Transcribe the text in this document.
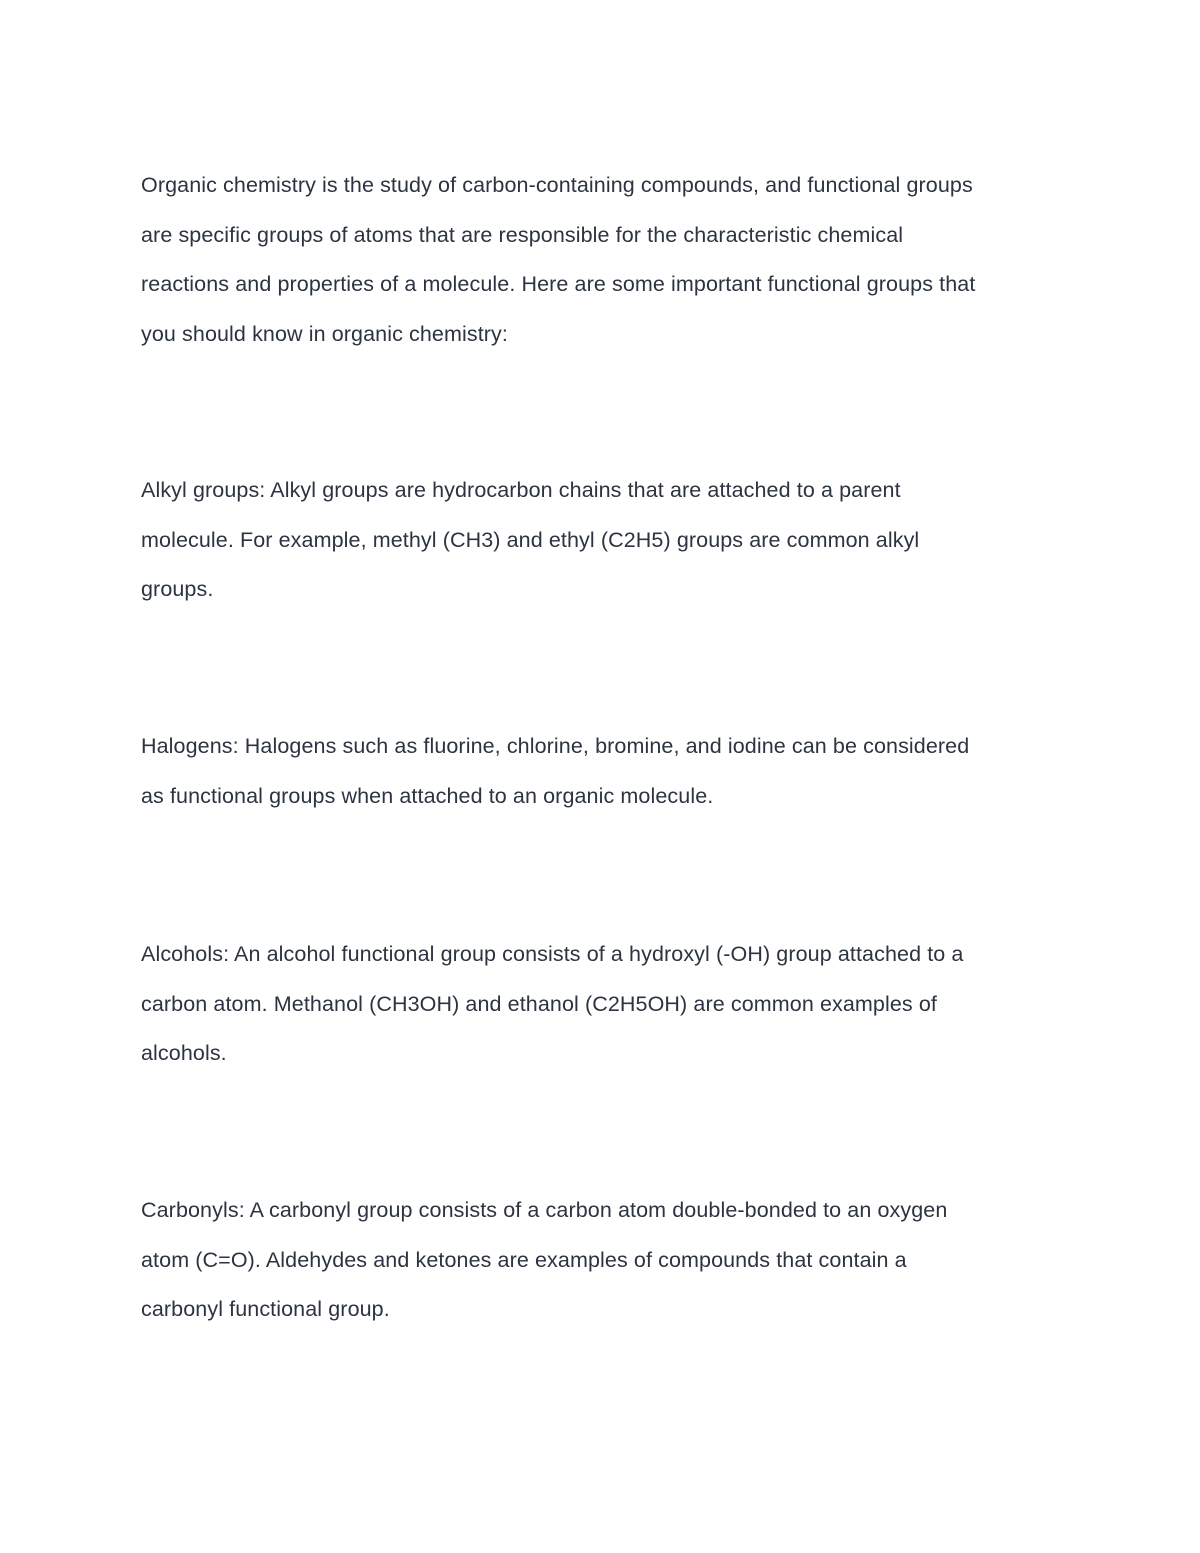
Organic chemistry is the study of carbon-containing compounds, and functional groups
are specific groups of atoms that are responsible for the characteristic chemical
reactions and properties of a molecule. Here are some important functional groups that
you should know in organic chemistry:

Alkyl groups: Alkyl groups are hydrocarbon chains that are attached to a parent
molecule. For example, methyl (CH3) and ethyl (C2H5) groups are common alkyl
groups.

Halogens: Halogens such as fluorine, chlorine, bromine, and iodine can be considered
as functional groups when attached to an organic molecule.

Alcohols: An alcohol functional group consists of a hydroxyl (-OH) group attached to a
carbon atom. Methanol (CH3OH) and ethanol (C2H5OH) are common examples of
alcohols.

Carbonyls: A carbonyl group consists of a carbon atom double-bonded to an oxygen
atom (C=O). Aldehydes and ketones are examples of compounds that contain a
carbonyl functional group.
